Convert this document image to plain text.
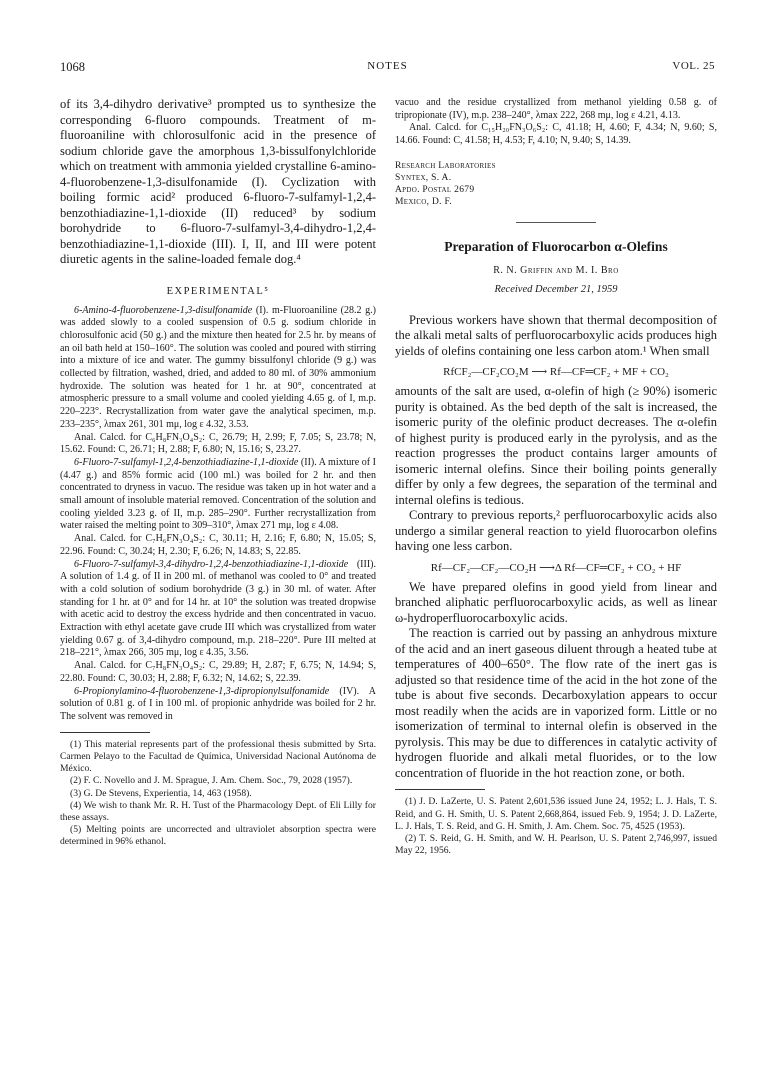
1068	NOTES	VOL. 25

of its 3,4-dihydro derivative³ prompted us to synthesize the corresponding 6-fluoro compounds. Treatment of m-fluoroaniline with chlorosulfonic acid in the presence of sodium chloride gave the amorphous 1,3-bissulfonylchloride which on treatment with ammonia yielded crystalline 6-amino-4-fluorobenzene-1,3-disulfonamide (I). Cyclization with boiling formic acid² produced 6-fluoro-7-sulfamyl-1,2,4-benzothiadiazine-1,1-dioxide (II) reduced³ by sodium borohydride to 6-fluoro-7-sulfamyl-3,4-dihydro-1,2,4-benzothiadiazine-1,1-dioxide (III). I, II, and III were potent diuretic agents in the saline-loaded female dog.⁴

EXPERIMENTAL⁵

6-Amino-4-fluorobenzene-1,3-disulfonamide (I). m-Fluoroaniline (28.2 g.) was added slowly to a cooled suspension of 0.5 g. sodium chloride in chlorosulfonic acid (50 g.) and the mixture then heated for 2.5 hr. by means of an oil bath held at 150–160°. The solution was cooled and poured with stirring into a mixture of ice and water. The gummy bissulfonyl chloride (9 g.) was collected by filtration, washed, dried, and added to 80 ml. of 30% ammonium hydroxide. The solution was heated for 1 hr. at 90°, concentrated at atmospheric pressure to a small volume and cooled yielding 4.65 g. of I, m.p. 220–223°. Recrystallization from water gave the analytical specimen, m.p. 233–235°, λmax 261, 301 mμ, log ε 4.32, 3.53.

Anal. Calcd. for C₆H₈FN₃O₄S₂: C, 26.79; H, 2.99; F, 7.05; S, 23.78; N, 15.62. Found: C, 26.71; H, 2.88; F, 6.80; N, 15.16; S, 23.27.

6-Fluoro-7-sulfamyl-1,2,4-benzothiadiazine-1,1-dioxide (II). A mixture of I (4.47 g.) and 85% formic acid (100 ml.) was boiled for 2 hr. and then concentrated to dryness in vacuo. The residue was taken up in hot water and a small amount of insoluble material removed. Concentration of the solution and cooling yielded 3.23 g. of II, m.p. 285–290°. Further recrystallization from water raised the melting point to 309–310°, λmax 271 mμ, log ε 4.08.

Anal. Calcd. for C₇H₆FN₃O₄S₂: C, 30.11; H, 2.16; F, 6.80; N, 15.05; S, 22.96. Found: C, 30.24; H, 2.30; F, 6.26; N, 14.83; S, 22.85.

6-Fluoro-7-sulfamyl-3,4-dihydro-1,2,4-benzothiadiazine-1,1-dioxide (III). A solution of 1.4 g. of II in 200 ml. of methanol was cooled to 0° and treated with a cold solution of sodium borohydride (3 g.) in 30 ml. of water. After standing for 1 hr. at 0° and for 14 hr. at 10° the solution was treated dropwise with acetic acid to destroy the excess hydride and then concentrated in vacuo. Extraction with ethyl acetate gave crude III which was crystallized from water yielding 0.67 g. of 3,4-dihydro compound, m.p. 218–220°. Pure III melted at 218–221°, λmax 266, 305 mμ, log ε 4.35, 3.56.

Anal. Calcd. for C₇H₈FN₃O₄S₂: C, 29.89; H, 2.87; F, 6.75; N, 14.94; S, 22.80. Found: C, 30.03; H, 2.88; F, 6.32; N, 14.62; S, 22.39.

6-Propionylamino-4-fluorobenzene-1,3-dipropionylsulfonamide (IV). A solution of 0.81 g. of I in 100 ml. of propionic anhydride was boiled for 2 hr. The solvent was removed in

(1) This material represents part of the professional thesis submitted by Srta. Carmen Pelayo to the Facultad de Química, Universidad Nacional Autónoma de México.

(2) F. C. Novello and J. M. Sprague, J. Am. Chem. Soc., 79, 2028 (1957).

(3) G. De Stevens, Experientia, 14, 463 (1958).

(4) We wish to thank Mr. R. H. Tust of the Pharmacology Dept. of Eli Lilly for these assays.

(5) Melting points are uncorrected and ultraviolet absorption spectra were determined in 96% ethanol.

vacuo and the residue crystallized from methanol yielding 0.58 g. of tripropionate (IV), m.p. 238–240°, λmax 222, 268 mμ, log ε 4.21, 4.13.

Anal. Calcd. for C₁₅H₂₀FN₃O₆S₂: C, 41.18; H, 4.60; F, 4.34; N, 9.60; S, 14.66. Found: C, 41.58; H, 4.53; F, 4.10; N, 9.40; S, 14.39.

Research Laboratories
Syntex, S. A.
Apdo. Postal 2679
Mexico, D. F.
Preparation of Fluorocarbon α-Olefins
R. N. Griffin and M. I. Bro
Received December 21, 1959

Previous workers have shown that thermal decomposition of the alkali metal salts of perfluorocarboxylic acids produces high yields of olefins containing one less carbon atom.¹ When small

RfCF₂—CF₂CO₂M ⟶ Rf—CF═CF₂ + MF + CO₂

amounts of the salt are used, α-olefin of high (≥ 90%) isomeric purity is obtained. As the bed depth of the salt is increased, the isomeric purity of the olefinic product decreases. The α-olefin of highest purity is produced early in the pyrolysis, and as the reaction progresses the product contains larger amounts of isomeric internal olefins. Since their boiling points generally differ by only a few degrees, the separation of the terminal and internal olefins is tedious.

Contrary to previous reports,² perfluorocarboxylic acids also undergo a similar general reaction to yield fluorocarbon olefins having one less carbon.

Rf—CF₂—CF₂—CO₂H ⟶Δ Rf—CF═CF₂ + CO₂ + HF

We have prepared olefins in good yield from linear and branched aliphatic perfluorocarboxylic acids, as well as linear ω-hydroperfluorocarboxylic acids.

The reaction is carried out by passing an anhydrous mixture of the acid and an inert gaseous diluent through a heated tube at temperatures of 400–650°. The flow rate of the inert gas is adjusted so that residence time of the acid in the hot zone of the tube is about five seconds. Decarboxylation appears to occur most readily when the acids are in vaporized form. Little or no isomerization of terminal to internal olefin is observed in the pyrolysis. This may be due to differences in catalytic activity of hydrogen fluoride and alkali metal fluorides, or to the low concentration of fluoride in the hot reaction zone, or both.

(1) J. D. LaZerte, U. S. Patent 2,601,536 issued June 24, 1952; L. J. Hals, T. S. Reid, and G. H. Smith, U. S. Patent 2,668,864, issued Feb. 9, 1954; J. D. LaZerte, L. J. Hals, T. S. Reid, and G. H. Smith, J. Am. Chem. Soc. 75, 4525 (1953).

(2) T. S. Reid, G. H. Smith, and W. H. Pearlson, U. S. Patent 2,746,997, issued May 22, 1956.
